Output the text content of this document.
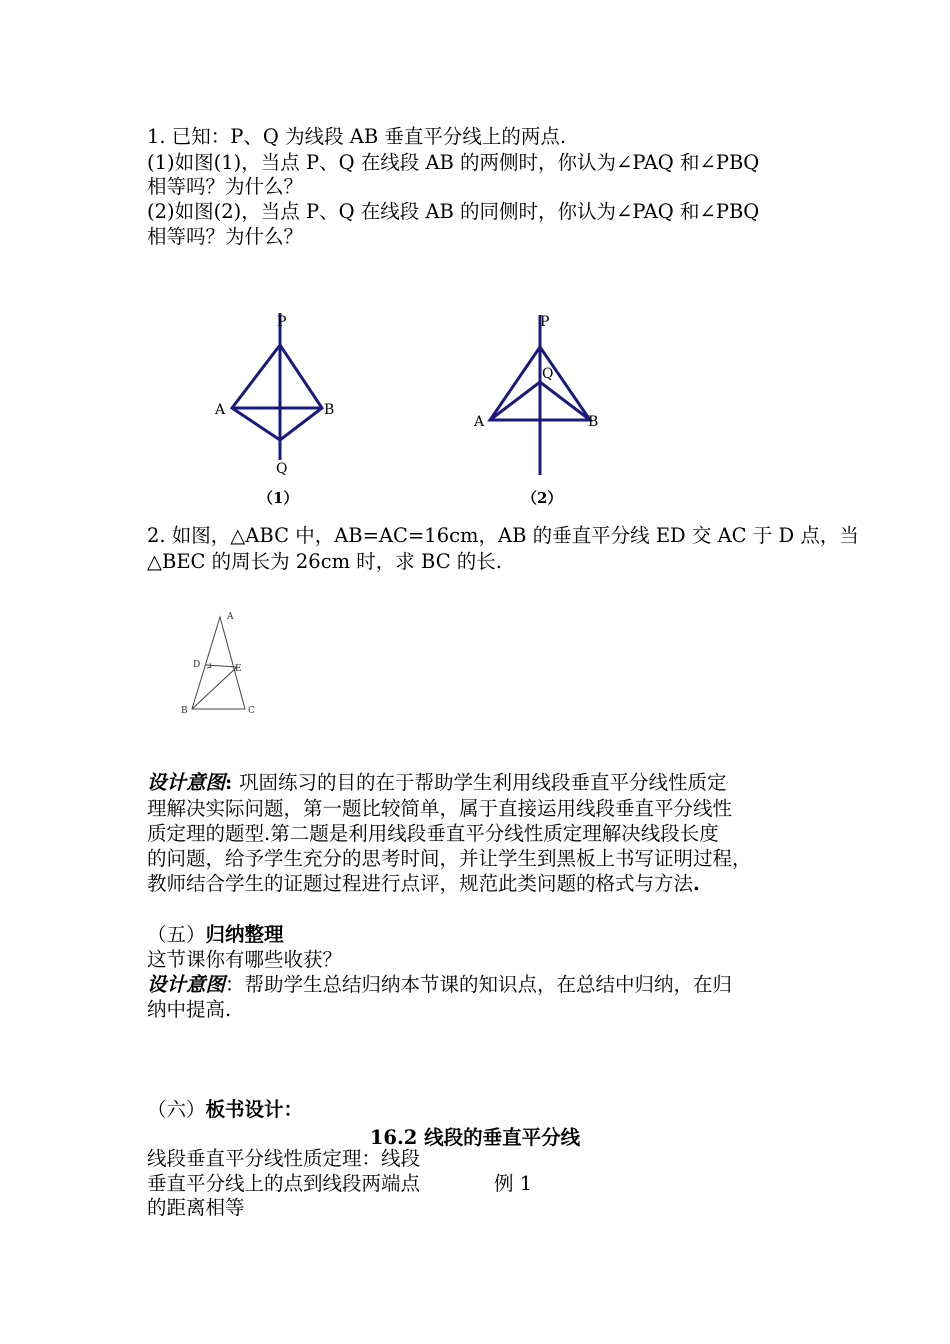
1. 已知：P、Q 为线段 AB 垂直平分线上的两点.
(1)如图(1)，当点 P、Q 在线段 AB 的两侧时，你认为∠PAQ 和∠PBQ
相等吗？为什么？
(2)如图(2)，当点 P、Q 在线段 AB 的同侧时，你认为∠PAQ 和∠PBQ
相等吗？为什么？
P
Q
A	B
（1）
P
Q
A	B
（2）
2. 如图，△ABC 中，AB=AC=16cm，AB 的垂直平分线 ED 交 AC 于 D 点，当
△BEC 的周长为 26cm 时，求 BC 的长.
A
D	E
B	C
设计意图: 巩固练习的目的在于帮助学生利用线段垂直平分线性质定
理解决实际问题，第一题比较简单，属于直接运用线段垂直平分线性
质定理的题型.第二题是利用线段垂直平分线性质定理解决线段长度
的问题，给予学生充分的思考时间，并让学生到黑板上书写证明过程，
教师结合学生的证题过程进行点评，规范此类问题的格式与方法.
（五）归纳整理
这节课你有哪些收获？
设计意图：帮助学生总结归纳本节课的知识点，在总结中归纳，在归
纳中提高.
（六）板书设计：
16.2 线段的垂直平分线
线段垂直平分线性质定理：线段
垂直平分线上的点到线段两端点	例 1
的距离相等
